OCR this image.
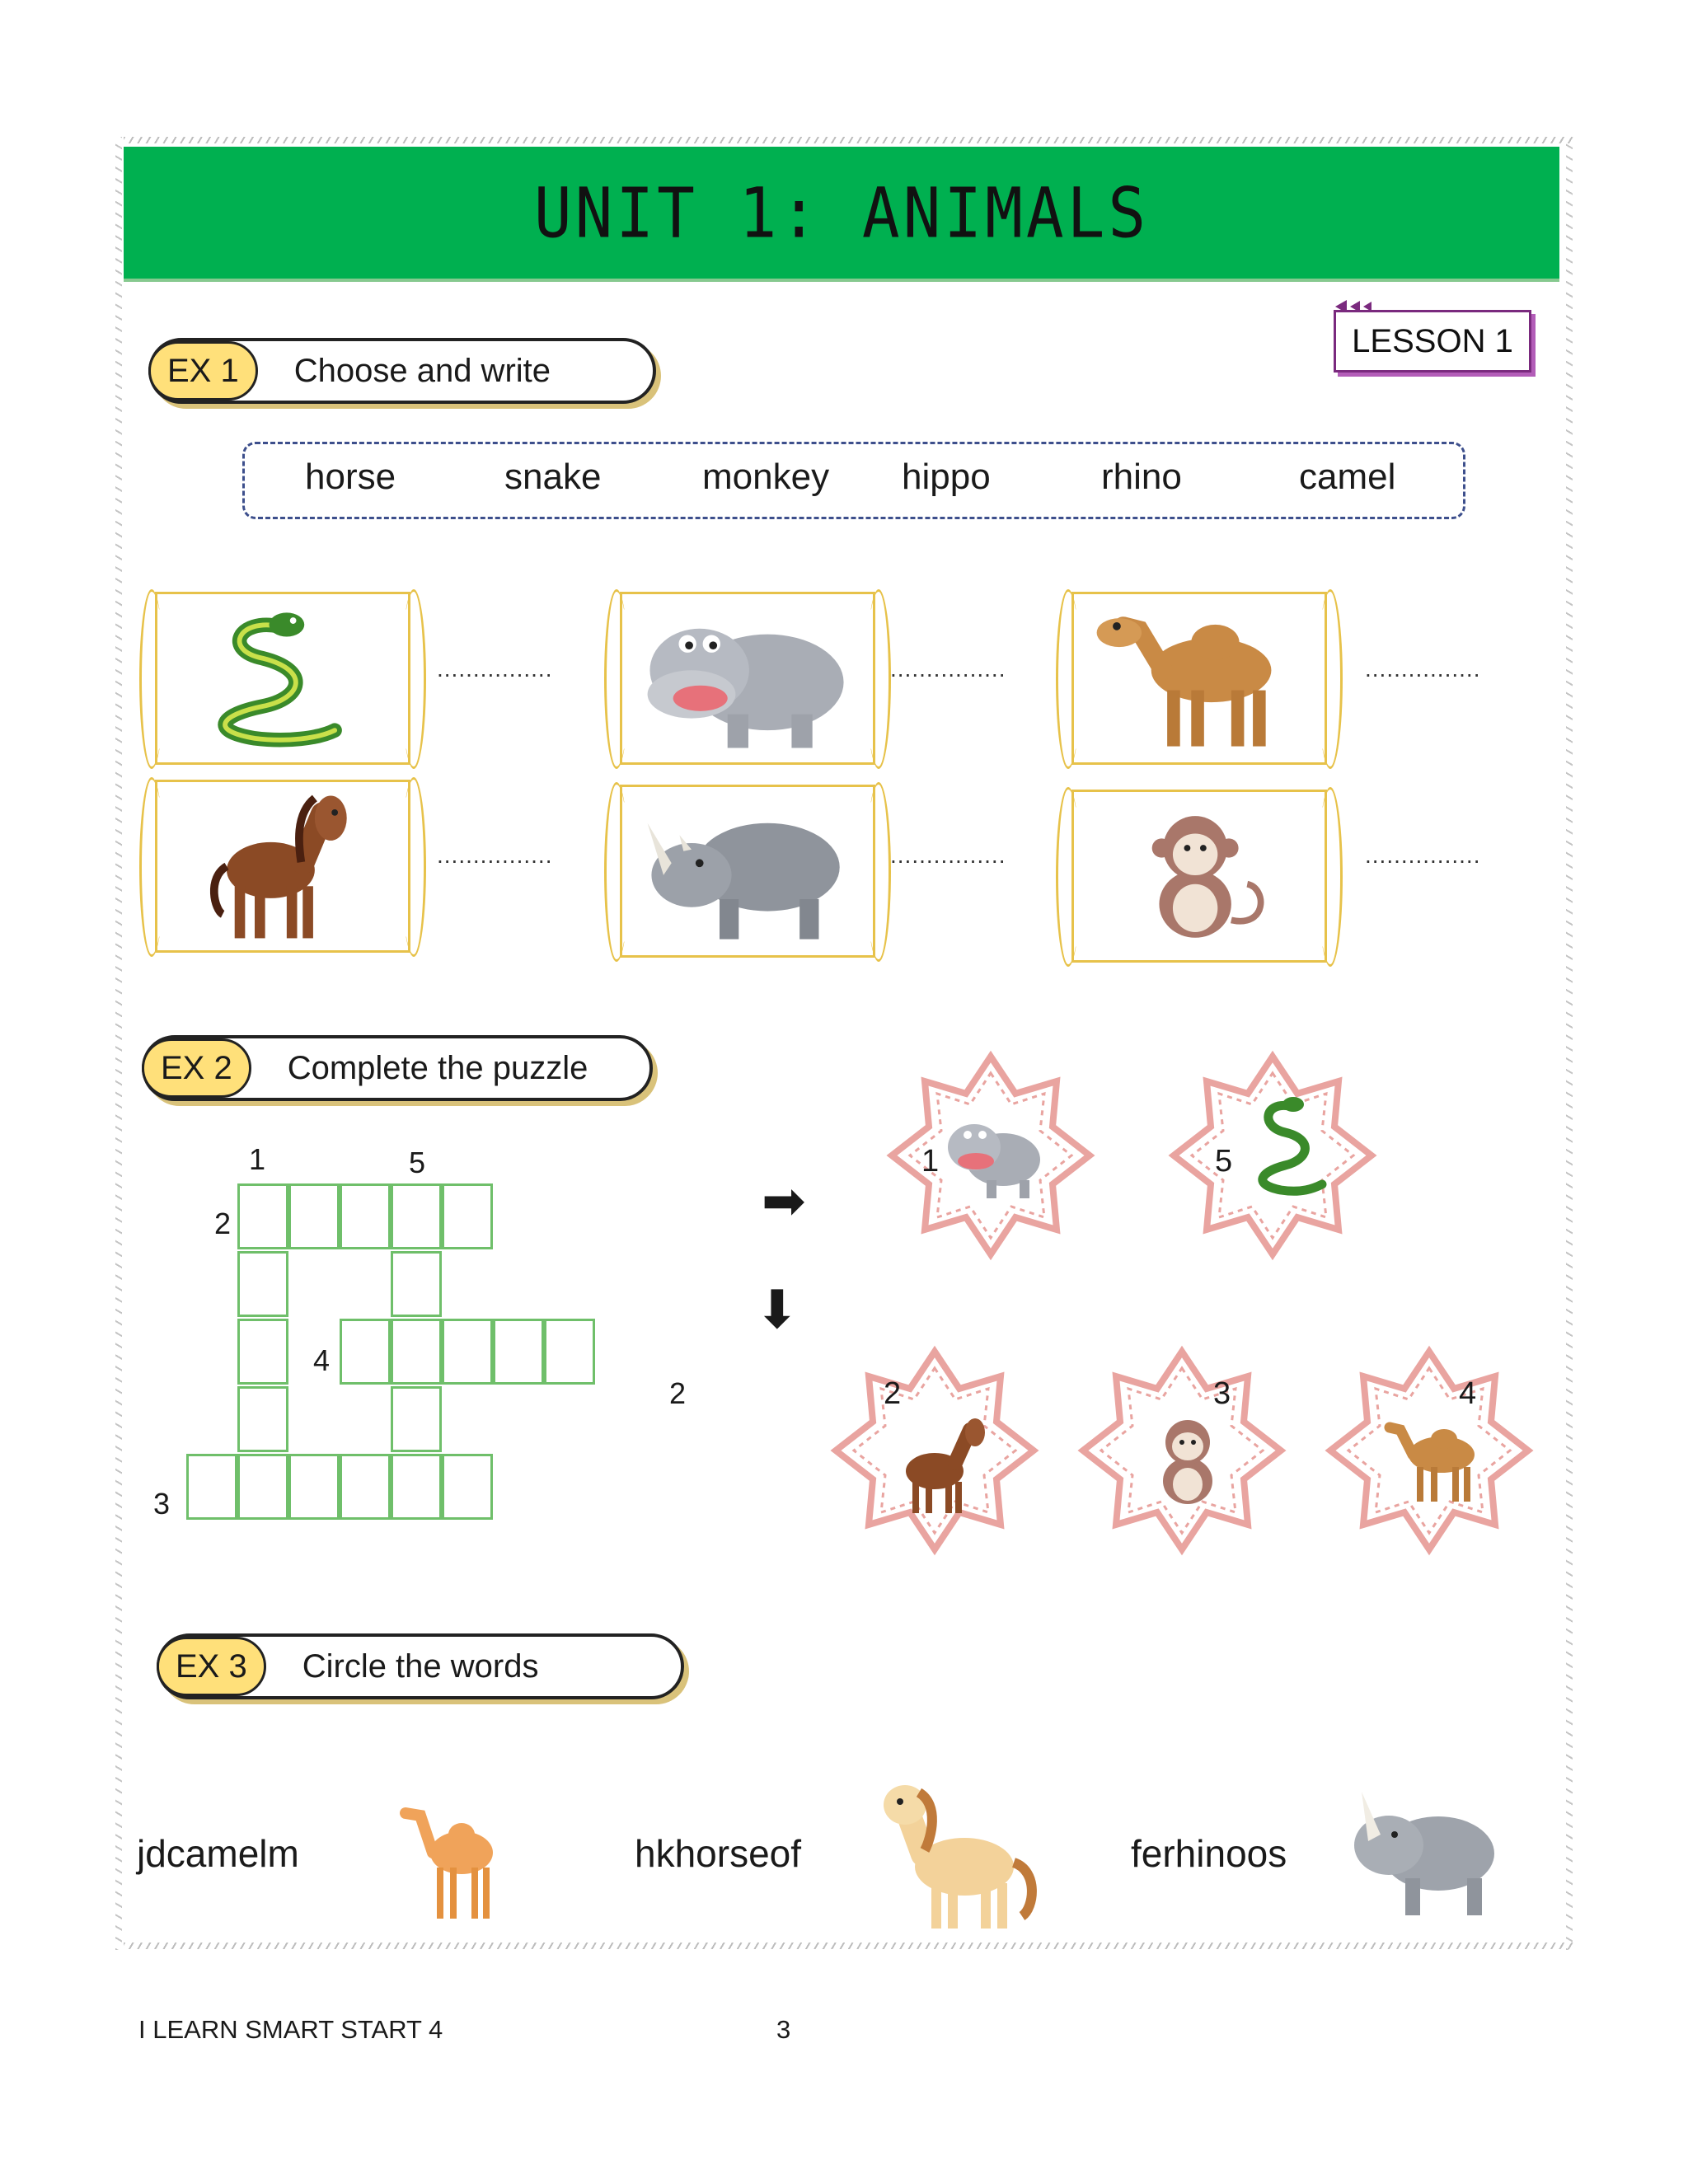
UNIT 1: ANIMALS
LESSON 1
EX 1	Choose and write
horse	snake	monkey hippo	rhino	camel
................	................	................
................	................	................
EX 2	Complete the puzzle
1	5
2
4
3
2
➡
⬇
1	5
2	3	4
EX 3	Circle the words
jdcamelm	hkhorseof	ferhinoos
I LEARN SMART START 4	3
